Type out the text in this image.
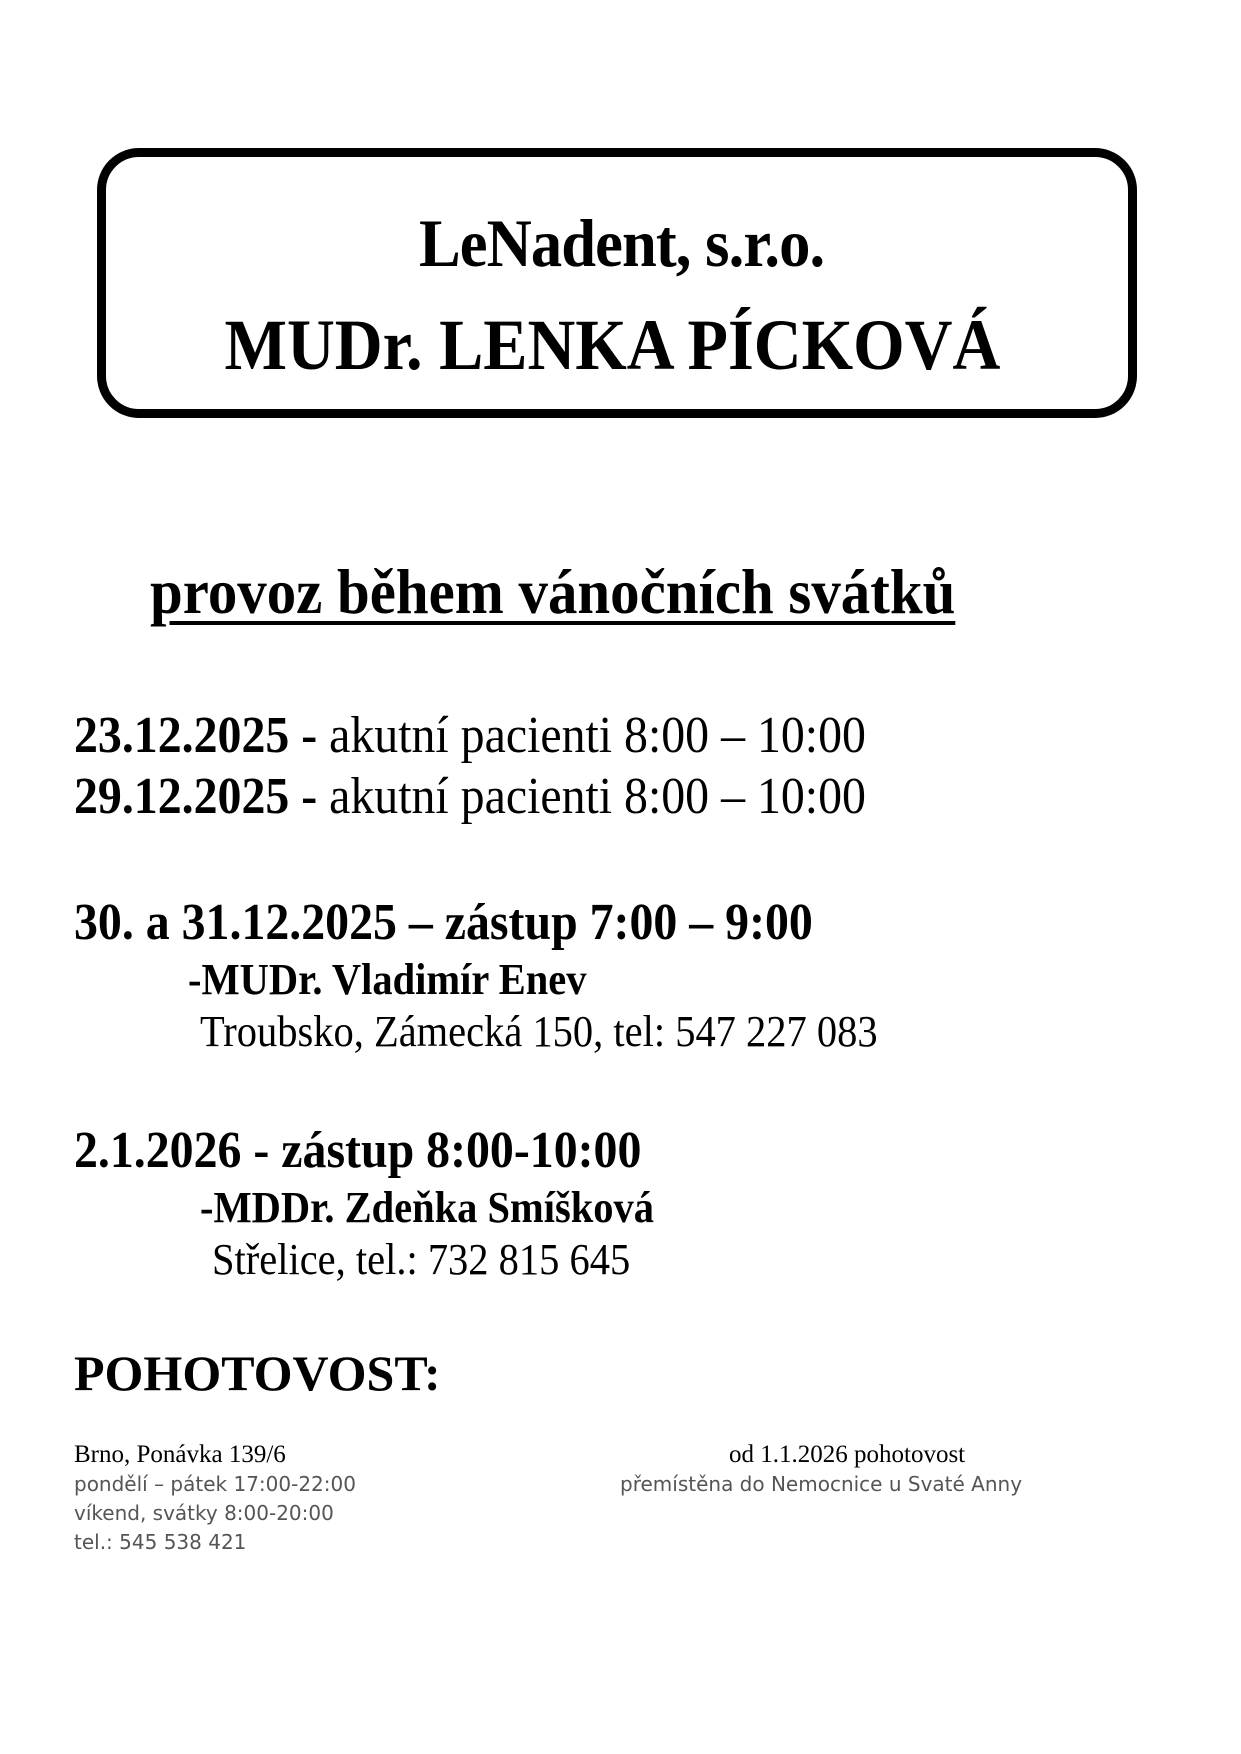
LeNadent, s.r.o.
MUDr. LENKA PÍCKOVÁ
provoz během vánočních svátků
23.12.2025 - akutní pacienti 8:00 – 10:00
29.12.2025 - akutní pacienti 8:00 – 10:00
30. a 31.12.2025 – zástup 7:00 – 9:00
-MUDr. Vladimír Enev
Troubsko, Zámecká 150, tel: 547 227 083
2.1.2026 - zástup 8:00-10:00
-MDDr. Zdeňka Smíšková
Střelice, tel.: 732 815 645
POHOTOVOST:
Brno, Ponávka 139/6
pondělí – pátek 17:00-22:00
víkend, svátky 8:00-20:00
tel.: 545 538 421
od 1.1.2026 pohotovost
přemístěna do Nemocnice u Svaté Anny
